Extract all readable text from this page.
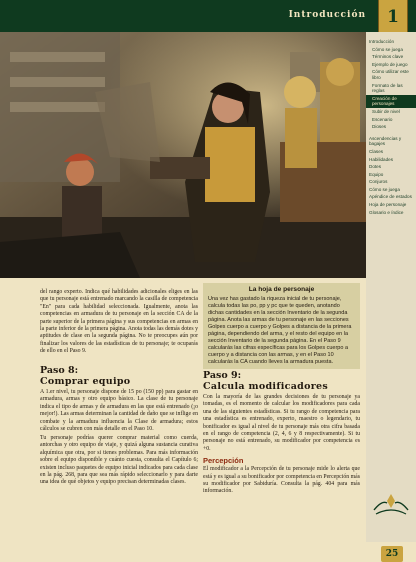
Introducción	1
Introducción
Cómo se juega
Términos clave
Ejemplo de juego
Cómo utilizar este libro
Formato de las reglas
Creación de personajes
Subir de nivel
Escenario
Dioses
Ascendencias y bagajes
Clases
Habilidades
Dotes
Equipo
Conjuros
Cómo se juega
Apéndice de estados
Hoja de personaje
Glosario e índice
25

del rango experto. Indica qué habilidades adicionales eliges en las que tu personaje está entrenado marcando la casilla de competencia "En" para cada habilidad seleccionada. Igualmente, anota las competencias en armadura de tu personaje en la sección CA de la parte superior de la primera página y sus competencias en armas en la parte inferior de la primera página. Anota todas las demás dotes y aptitudes de clase en la segunda página. No te preocupes aún por finalizar los valores de las estadísticas de tu personaje; te ocuparás de ello en el Paso 9.

La hoja de personaje
Una vez has gastado la riqueza inicial de tu personaje, calcula todas las po, pp y pc que te queden, anotando dichas cantidades en la sección Inventario de la segunda página. Anota las armas de tu personaje en las secciones Golpes cuerpo a cuerpo y Golpes a distancia de la primera página, dependiendo del arma, y el resto del equipo en la sección Inventario de la segunda página. En el Paso 9 calcularás las cifras específicas para los Golpes cuerpo a cuerpo y a distancia con las armas, y en el Paso 10 calcularás la CA cuando lleves la armadura puesta.
Paso 8:
Comprar equipo

A 1.er nivel, tu personaje dispone de 15 po (150 pp) para gastar en armadura, armas y otro equipo básico. La clase de tu personaje indica el tipo de armas y de armadura en las que está entrenado (¡o mejor!). Las armas determinan la cantidad de daño que se inflige en combate y la armadura influencia la Clase de armadura; estos cálculos se cubren con más detalle en el Paso 10.

Tu personaje podrías querer comprar material como cuerda, antorchas y otro equipo de viaje, y quizá alguna sustancia curativa alquímica que otra, por si tienes problemas. Para más información sobre el equipo disponible y cuánto cuesta, consulta el Capítulo 6; existen incluso paquetes de equipo inicial indicados para cada clase en la pág. 268, para que sea más rápido seleccionarlo y para darte una idea de qué objetos y equipo precisan determinadas clases.

Paso 9:
Calcula modificadores

Con la mayoría de las grandes decisiones de tu personaje ya tomadas, es el momento de calcular los modificadores para cada una de las siguientes estadísticas. Si tu rango de competencia para una estadística es entrenado, experto, maestro o legendario, tu bonificador es igual al nivel de tu personaje más otra cifra basada en el rango de competencia (2, 4, 6 y 8 respectivamente). Si tu personaje no está entrenado, su modificador por competencia es +0.

Percepción

El modificador a la Percepción de tu personaje mide lo alerta que está y es igual a su bonificador por competencia en Percepción más su modificador por Sabiduría. Consulta la pág. 404 para más información.
